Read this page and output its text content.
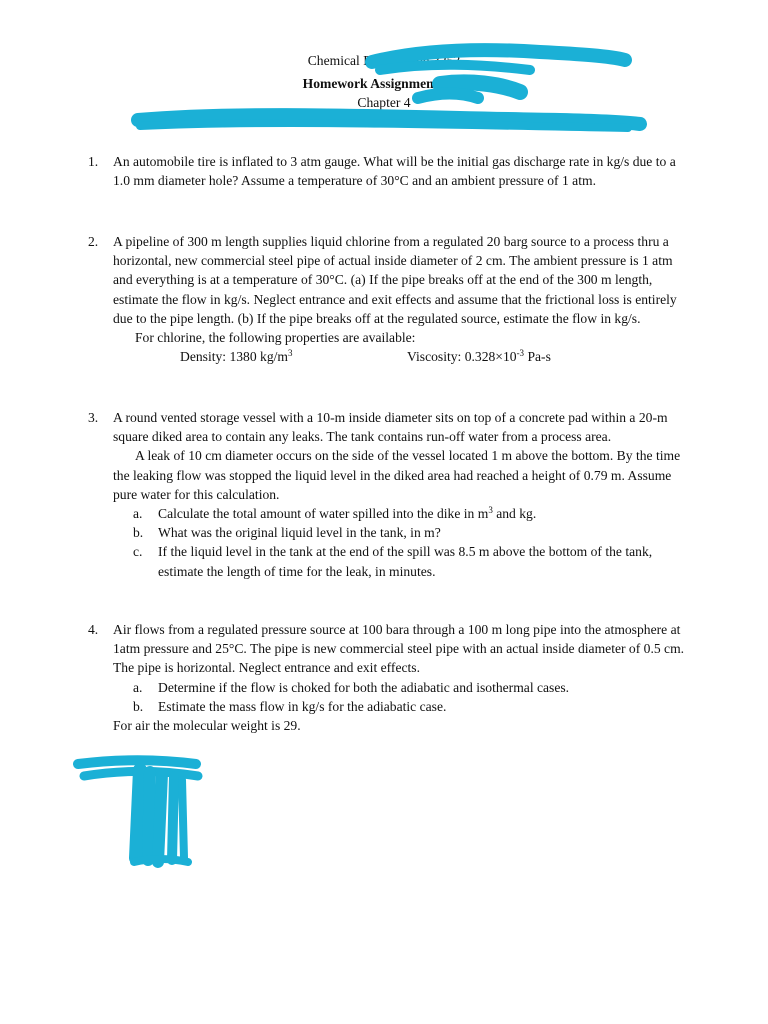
Chemical Engineering 3253
Homework Assignment #3 –
Chapter 4
1.	An automobile tire is inflated to 3 atm gauge. What will be the initial gas discharge rate in kg/s due to a 1.0 mm diameter hole? Assume a temperature of 30°C and an ambient pressure of 1 atm.

2.	A pipeline of 300 m length supplies liquid chlorine from a regulated 20 barg source to a process thru a horizontal, new commercial steel pipe of actual inside diameter of 2 cm. The ambient pressure is 1 atm and everything is at a temperature of 30°C. (a) If the pipe breaks off at the end of the 300 m length, estimate the flow in kg/s. Neglect entrance and exit effects and assume that the frictional loss is entirely due to the pipe length. (b) If the pipe breaks off at the regulated source, estimate the flow in kg/s.

For chlorine, the following properties are available:

Density: 1380 $kg/m^3$	Viscosity: $0.328\times 10^{-3}$ Pa-s
3.	A round vented storage vessel with a 10-m inside diameter sits on top of a concrete pad within a 20-m square diked area to contain any leaks. The tank contains run-off water from a process area.

A leak of 10 cm diameter occurs on the side of the vessel located 1 m above the bottom. By the time the leaking flow was stopped the liquid level in the diked area had reached a height of 0.79 m. Assume pure water for this calculation.

a. Calculate the total amount of water spilled into the dike in $m^3$ and kg.
b. What was the original liquid level in the tank, in m?
c. If the liquid level in the tank at the end of the spill was 8.5 m above the bottom of the tank, estimate the length of time for the leak, in minutes.
4.	Air flows from a regulated pressure source at 100 bara through a 100 m long pipe into the atmosphere at 1atm pressure and 25°C. The pipe is new commercial steel pipe with an actual inside diameter of 0.5 cm. The pipe is horizontal. Neglect entrance and exit effects.

a. Determine if the flow is choked for both the adiabatic and isothermal cases.
b. Estimate the mass flow in kg/s for the adiabatic case.

For air the molecular weight is 29.
